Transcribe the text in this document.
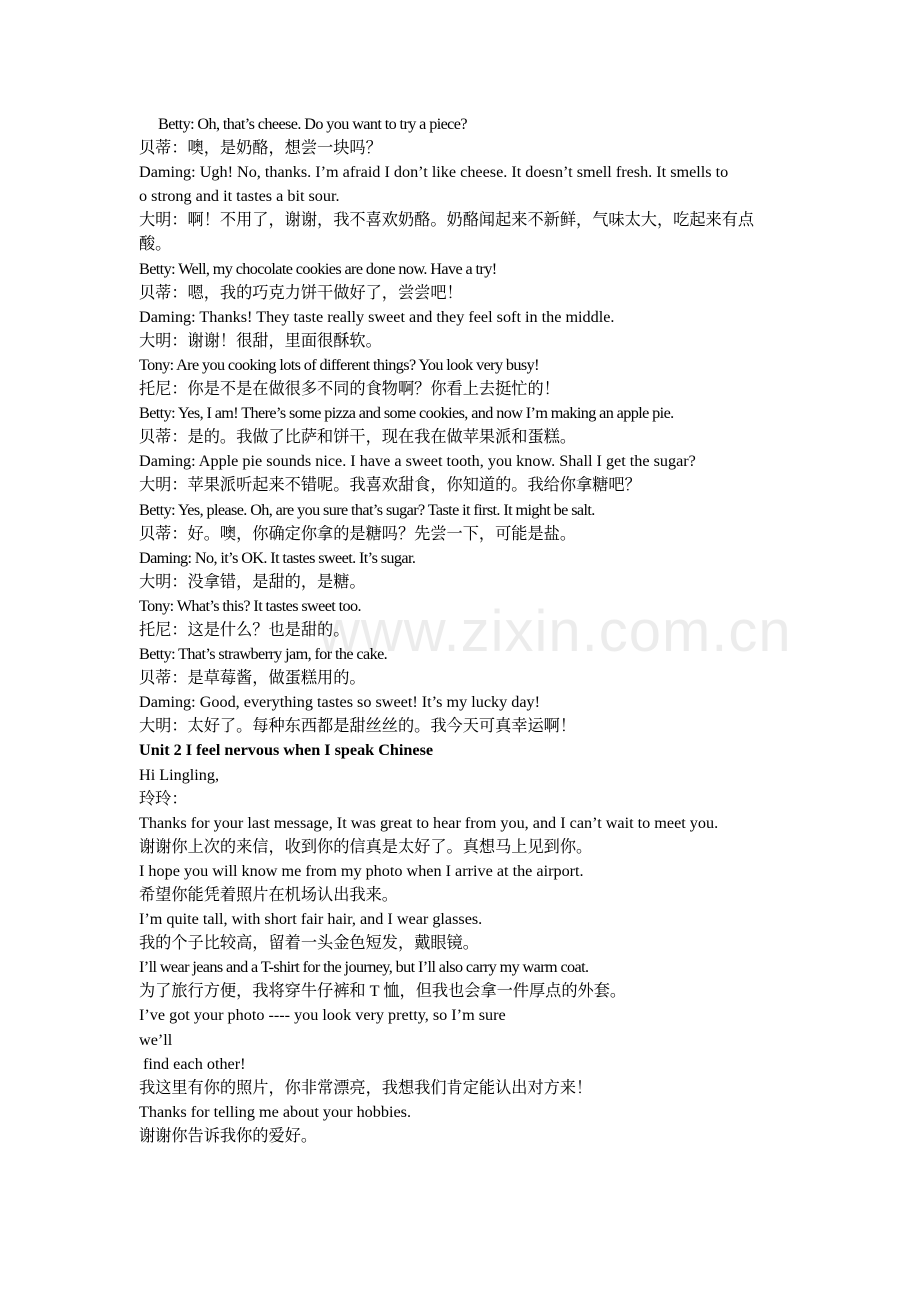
Betty: Oh, that’s cheese. Do you want to try a piece?
贝蒂：噢，是奶酪，想尝一块吗？
Daming: Ugh! No, thanks. I’m afraid I don’t like cheese. It doesn’t smell fresh. It smells to
o strong and it tastes a bit sour.
大明：啊！不用了，谢谢，我不喜欢奶酪。奶酪闻起来不新鲜，气味太大，吃起来有点
酸。
Betty: Well, my chocolate cookies are done now. Have a try!
贝蒂：嗯，我的巧克力饼干做好了，尝尝吧！
Daming: Thanks! They taste really sweet and they feel soft in the middle.
大明：谢谢！很甜，里面很酥软。
Tony: Are you cooking lots of different things? You look very busy!
托尼：你是不是在做很多不同的食物啊？你看上去挺忙的！
Betty: Yes, I am! There’s some pizza and some cookies, and now I’m making an apple pie.
贝蒂：是的。我做了比萨和饼干，现在我在做苹果派和蛋糕。
Daming: Apple pie sounds nice. I have a sweet tooth, you know. Shall I get the sugar?
大明：苹果派听起来不错呢。我喜欢甜食，你知道的。我给你拿糖吧？
Betty: Yes, please. Oh, are you sure that’s sugar? Taste it first. It might be salt.
贝蒂：好。噢，你确定你拿的是糖吗？先尝一下，可能是盐。
Daming: No, it’s OK. It tastes sweet. It’s sugar.
大明：没拿错，是甜的，是糖。
Tony: What’s this? It tastes sweet too.
托尼：这是什么？也是甜的。
Betty: That’s strawberry jam, for the cake.
贝蒂：是草莓酱，做蛋糕用的。
Daming: Good, everything tastes so sweet! It’s my lucky day!
大明：太好了。每种东西都是甜丝丝的。我今天可真幸运啊！
Unit 2 I feel nervous when I speak Chinese
Hi Lingling,
玲玲：
Thanks for your last message, It was great to hear from you, and I can’t wait to meet you.
谢谢你上次的来信，收到你的信真是太好了。真想马上见到你。
I hope you will know me from my photo when I arrive at the airport.
希望你能凭着照片在机场认出我来。
I’m quite tall, with short fair hair, and I wear glasses.
我的个子比较高，留着一头金色短发，戴眼镜。
I’ll wear jeans and a T-shirt for the journey, but I’ll also carry my warm coat.
为了旅行方便，我将穿牛仔裤和 T 恤，但我也会拿一件厚点的外套。
I’ve got your photo ---- you look very pretty, so I’m sure
we’ll
find each other!
我这里有你的照片，你非常漂亮，我想我们肯定能认出对方来！
Thanks for telling me about your hobbies.
谢谢你告诉我你的爱好。
www.zixin.com.cn
